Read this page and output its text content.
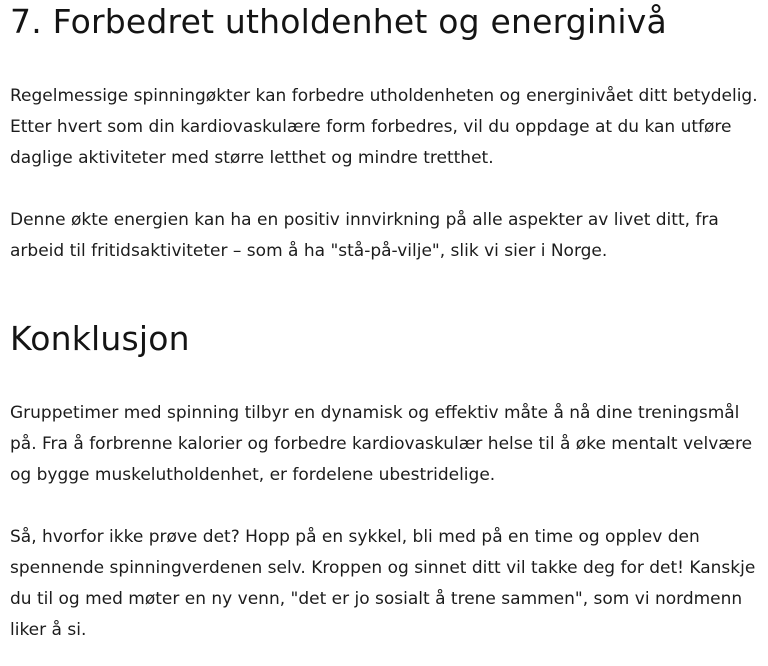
7. Forbedret utholdenhet og energinivå

Regelmessige spinningøkter kan forbedre utholdenheten og energinivået ditt betydelig. Etter hvert som din kardiovaskulære form forbedres, vil du oppdage at du kan utføre daglige aktiviteter med større letthet og mindre tretthet.

Denne økte energien kan ha en positiv innvirkning på alle aspekter av livet ditt, fra arbeid til fritidsaktiviteter – som å ha "stå-på-vilje", slik vi sier i Norge.

Konklusjon

Gruppetimer med spinning tilbyr en dynamisk og effektiv måte å nå dine treningsmål på. Fra å forbrenne kalorier og forbedre kardiovaskulær helse til å øke mentalt velvære og bygge muskelutholdenhet, er fordelene ubestridelige.

Så, hvorfor ikke prøve det? Hopp på en sykkel, bli med på en time og opplev den spennende spinningverdenen selv. Kroppen og sinnet ditt vil takke deg for det! Kanskje du til og med møter en ny venn, "det er jo sosialt å trene sammen", som vi nordmenn liker å si.
